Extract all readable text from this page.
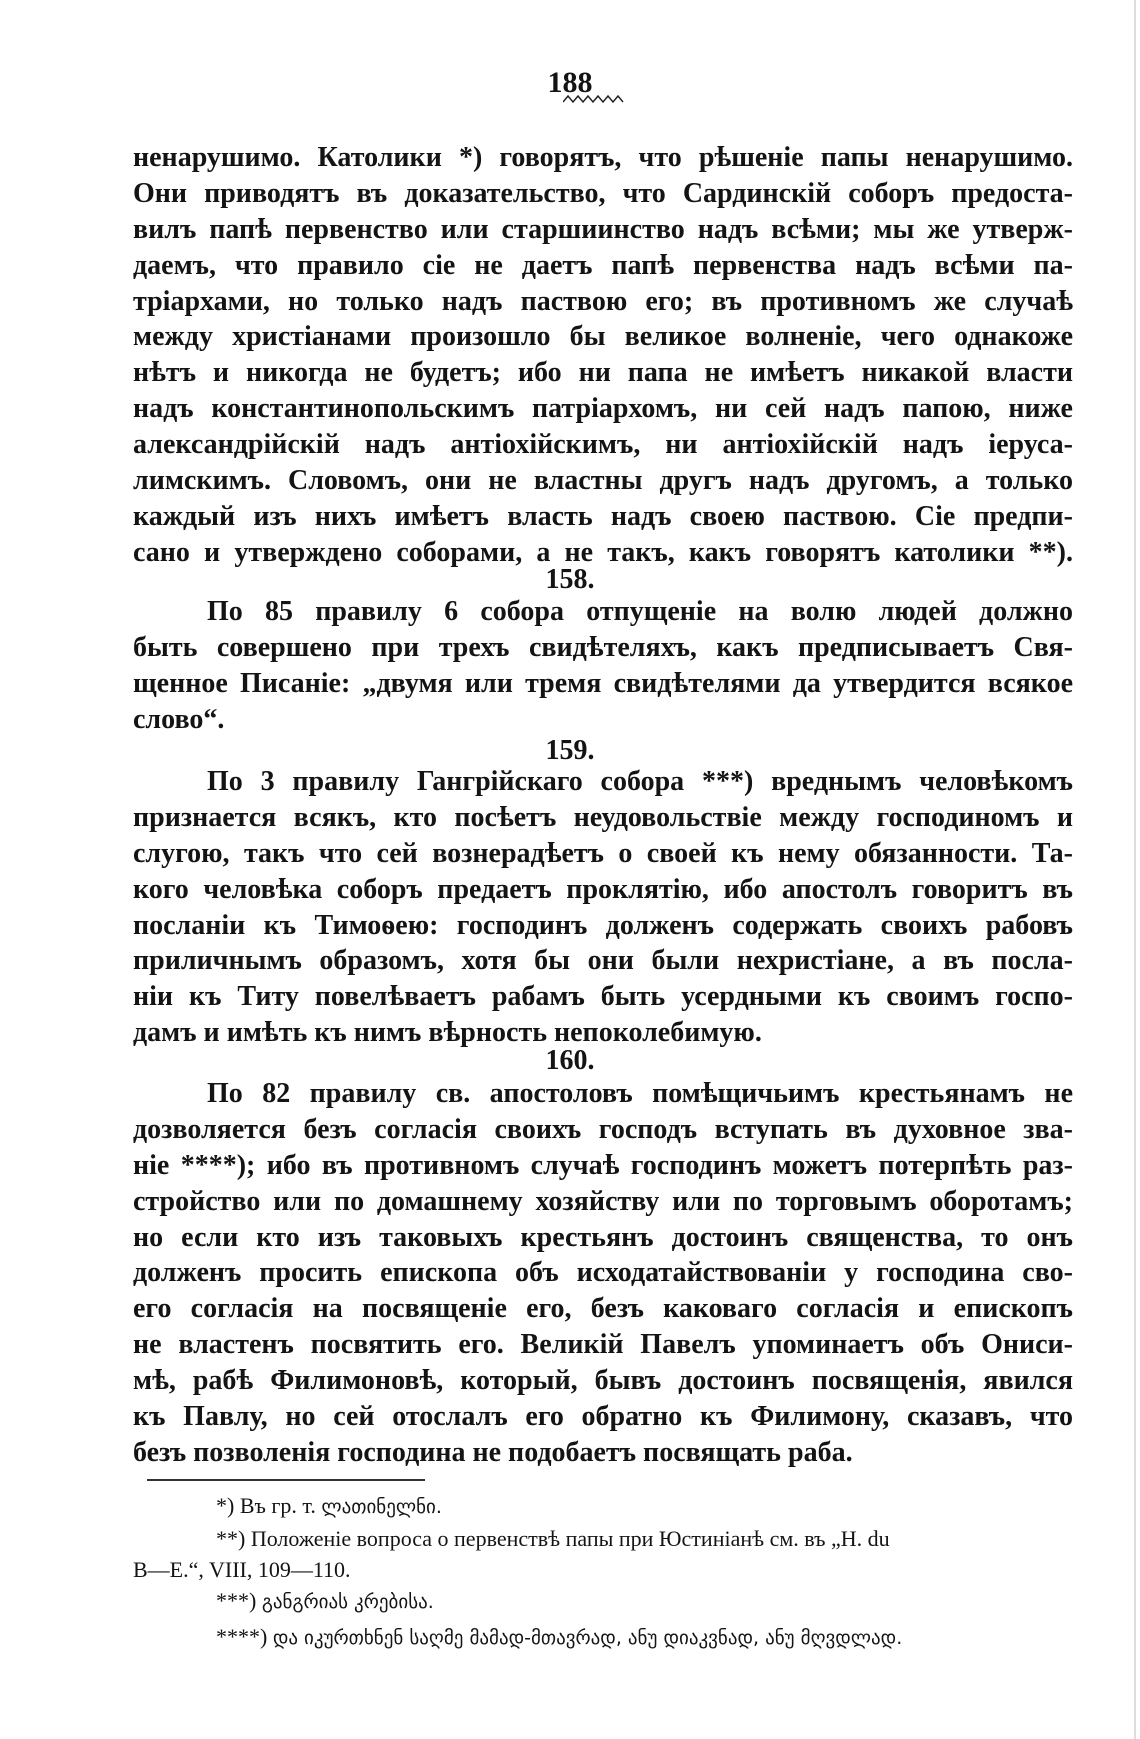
188
ненарушимо. Католики *) говорятъ, что рѣшеніе папы ненарушимо.
Они приводятъ въ доказательство, что Сардинскій соборъ предоста-
вилъ папѣ первенство или старшиинство надъ всѣми; мы же утверж-
даемъ, что правило сіе не даетъ папѣ первенства надъ всѣми па-
тріархами, но только надъ паствою его; въ противномъ же случаѣ
между христіанами произошло бы великое волненіе, чего однакоже
нѣтъ и никогда не будетъ; ибо ни папа не имѣетъ никакой власти
надъ константинопольскимъ патріархомъ, ни сей надъ папою, ниже
александрійскій надъ антіохійскимъ, ни антіохійскій надъ іеруса-
лимскимъ. Словомъ, они не властны другъ надъ другомъ, а только
каждый изъ нихъ имѣетъ власть надъ своею паствою. Сіе предпи-
сано и утверждено соборами, а не такъ, какъ говорятъ католики **).
158.
По 85 правилу 6 собора отпущеніе на волю людей должно
быть совершено при трехъ свидѣтеляхъ, какъ предписываетъ Свя-
щенное Писаніе: „двумя или тремя свидѣтелями да утвердится всякое
слово“.
159.
По 3 правилу Гангрійскаго собора ***) вреднымъ человѣкомъ
признается всякъ, кто посѣетъ неудовольствіе между господиномъ и
слугою, такъ что сей вознерадѣетъ о своей къ нему обязанности. Та-
кого человѣка соборъ предаетъ проклятію, ибо апостолъ говоритъ въ
посланіи къ Тимоѳею: господинъ долженъ содержать своихъ рабовъ
приличнымъ образомъ, хотя бы они были нехристіане, а въ посла-
ніи къ Титу повелѣваетъ рабамъ быть усердными къ своимъ госпо-
дамъ и имѣть къ нимъ вѣрность непоколебимую.
160.
По 82 правилу св. апостоловъ помѣщичьимъ крестьянамъ не
дозволяется безъ согласія своихъ господъ вступать въ духовное зва-
ніе ****); ибо въ противномъ случаѣ господинъ можетъ потерпѣть раз-
стройство или по домашнему хозяйству или по торговымъ оборотамъ;
но если кто изъ таковыхъ крестьянъ достоинъ священства, то онъ
долженъ просить епископа объ исходатайствованіи у господина сво-
его согласія на посвященіе его, безъ каковаго согласія и епископъ
не властенъ посвятить его. Великій Павелъ упоминаетъ объ Ониси-
мѣ, рабѣ Филимоновѣ, который, бывъ достоинъ посвященія, явился
къ Павлу, но сей отослалъ его обратно къ Филимону, сказавъ, что
безъ позволенія господина не подобаетъ посвящать раба.
*) Въ гр. т. ლათინელნი.
**) Положеніе вопроса о первенствѣ папы при Юстиніанѣ см. въ „H. du
B—E.“, VIII, 109—110.
***) განგრიას კრებისა.
****) და იკურთხნენ საღმე მამად-მთავრად, ანუ დიაკვნად, ანუ მღვდლად.
